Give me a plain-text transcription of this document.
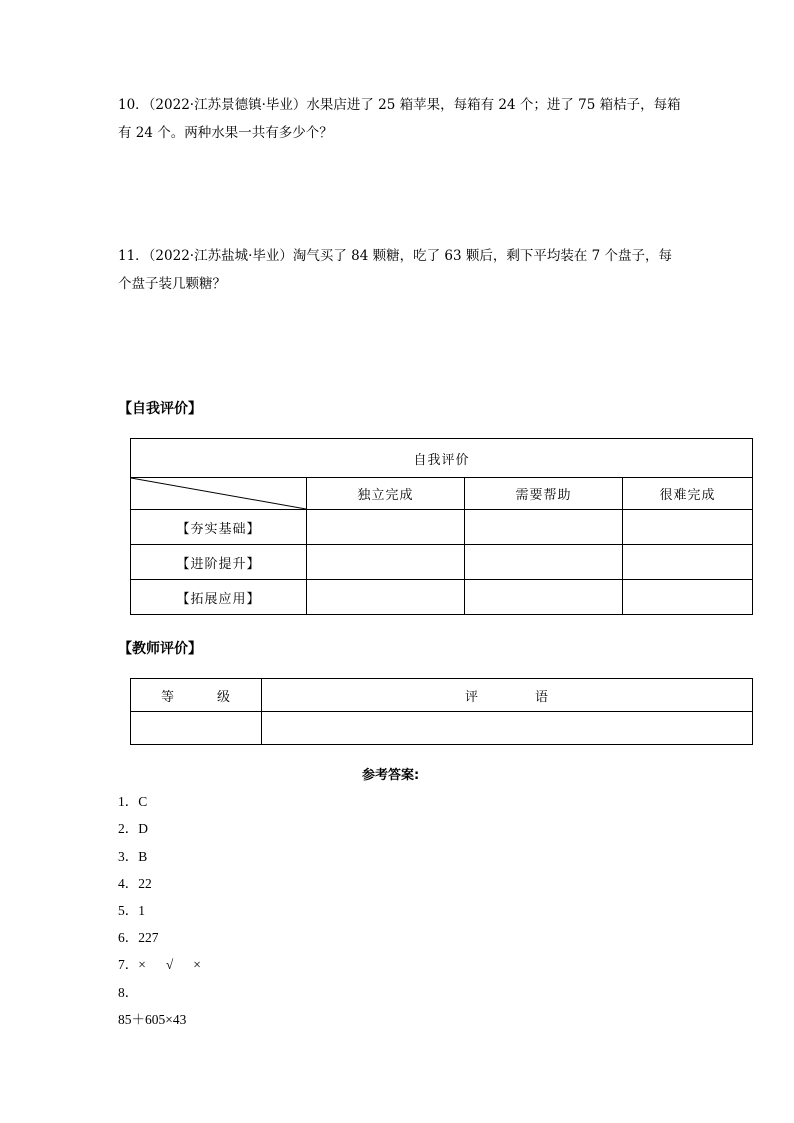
10．（2022·江苏景德镇·毕业）水果店进了 25 箱苹果，每箱有 24 个；进了 75 箱桔子，每箱
有 24 个。两种水果一共有多少个？
11．（2022·江苏盐城·毕业）淘气买了 84 颗糖，吃了 63 颗后，剩下平均装在 7 个盘子，每
个盘子装几颗糖？
【自我评价】
自我评价			

	独立完成	需要帮助	很难完成
【夯实基础】			
【进阶提升】			
【拓展应用】			
【教师评价】
等　　　级	评　　　　语

参考答案:
1．C
2．D
3．B
4．22
5．1
6．227
7．× √ ×
8．
85＋605×43
